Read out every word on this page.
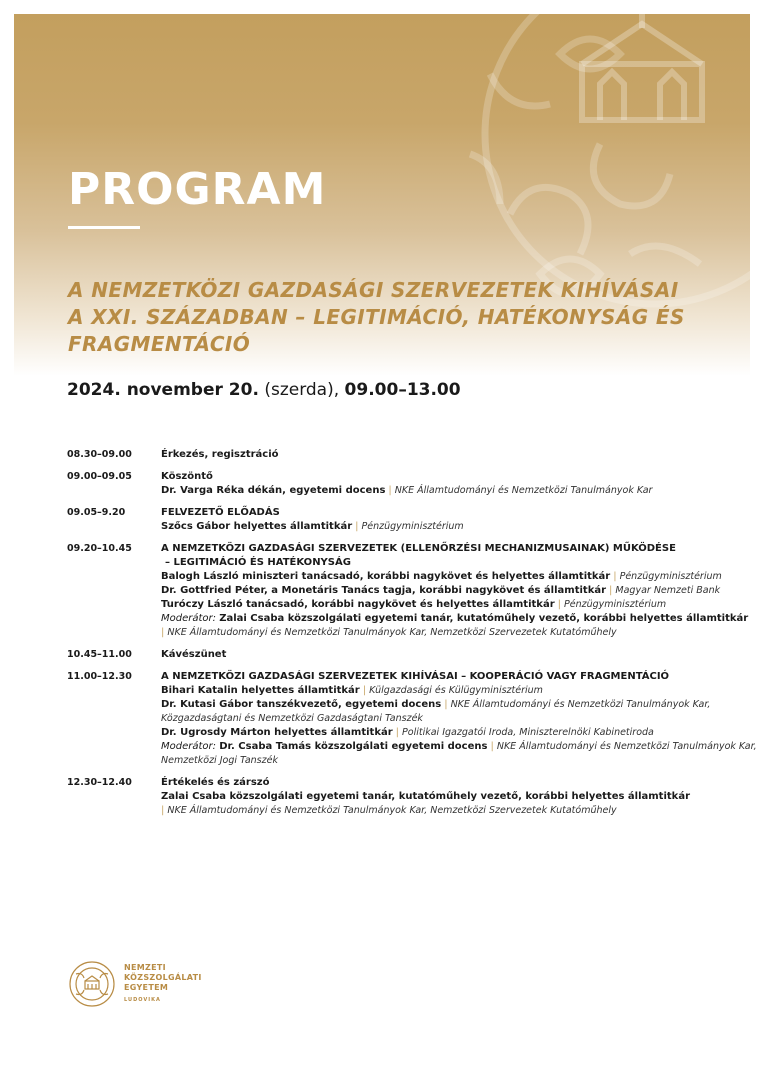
PROGRAM
A NEMZETKÖZI GAZDASÁGI SZERVEZETEK KIHÍVÁSAI A XXI. SZÁZADBAN – LEGITIMÁCIÓ, HATÉKONYSÁG ÉS FRAGMENTÁCIÓ
2024. november 20. (szerda), 09.00–13.00
08.30–09.00	Érkezés, regisztráció
09.00–09.05	Köszöntő
Dr. Varga Réka dékán, egyetemi docens | NKE Államtudományi és Nemzetközi Tanulmányok Kar
09.05–9.20	FELVEZETŐ ELŐADÁS
Szőcs Gábor helyettes államtitkár | Pénzügyminisztérium
09.20–10.45	A NEMZETKÖZI GAZDASÁGI SZERVEZETEK (ELLENŐRZÉSI MECHANIZMUSAINAK) MŰKÖDÉSE
– LEGITIMÁCIÓ ÉS HATÉKONYSÁG
Balogh László miniszteri tanácsadó, korábbi nagykövet és helyettes államtitkár | Pénzügyminisztérium
Dr. Gottfried Péter, a Monetáris Tanács tagja, korábbi nagykövet és államtitkár | Magyar Nemzeti Bank
Turóczy László tanácsadó, korábbi nagykövet és helyettes államtitkár | Pénzügyminisztérium
Moderátor: Zalai Csaba közszolgálati egyetemi tanár, kutatóműhely vezető, korábbi helyettes államtitkár
| NKE Államtudományi és Nemzetközi Tanulmányok Kar, Nemzetközi Szervezetek Kutatóműhely
10.45–11.00	Kávészünet
11.00–12.30	A NEMZETKÖZI GAZDASÁGI SZERVEZETEK KIHÍVÁSAI – KOOPERÁCIÓ VAGY FRAGMENTÁCIÓ
Bihari Katalin helyettes államtitkár | Külgazdasági és Külügyminisztérium
Dr. Kutasi Gábor tanszékvezető, egyetemi docens | NKE Államtudományi és Nemzetközi Tanulmányok Kar,
Közgazdaságtani és Nemzetközi Gazdaságtani Tanszék
Dr. Ugrosdy Márton helyettes államtitkár | Politikai Igazgatói Iroda, Miniszterelnöki Kabinetiroda
Moderátor: Dr. Csaba Tamás közszolgálati egyetemi docens | NKE Államtudományi és Nemzetközi Tanulmányok Kar,
Nemzetközi Jogi Tanszék
12.30–12.40	Értékelés és zárszó
Zalai Csaba közszolgálati egyetemi tanár, kutatóműhely vezető, korábbi helyettes államtitkár
| NKE Államtudományi és Nemzetközi Tanulmányok Kar, Nemzetközi Szervezetek Kutatóműhely
NEMZETI
KÖZSZOLGÁLATI
EGYETEM
LUDOVIKA
